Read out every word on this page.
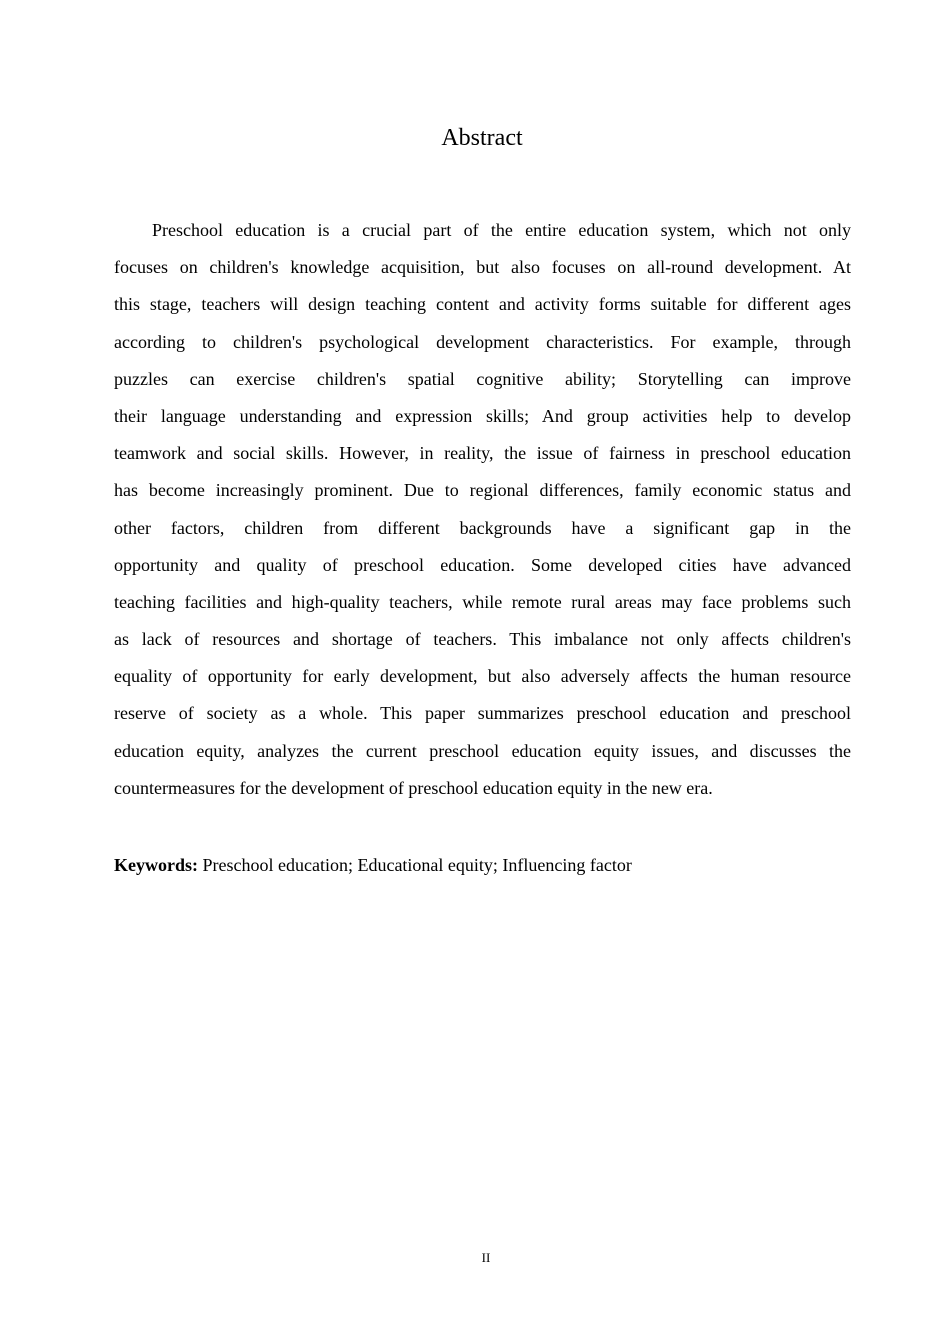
Abstract
Preschool education is a crucial part of the entire education system, which not only
focuses on children's knowledge acquisition, but also focuses on all-round development. At
this stage, teachers will design teaching content and activity forms suitable for different ages
according to children's psychological development characteristics. For example, through
puzzles can exercise children's spatial cognitive ability; Storytelling can improve
their language understanding and expression skills; And group activities help to develop
teamwork and social skills. However, in reality, the issue of fairness in preschool education
has become increasingly prominent. Due to regional differences, family economic status and
other factors, children from different backgrounds have a significant gap in the
opportunity and quality of preschool education. Some developed cities have advanced
teaching facilities and high-quality teachers, while remote rural areas may face problems such
as lack of resources and shortage of teachers. This imbalance not only affects children's
equality of opportunity for early development, but also adversely affects the human resource
reserve of society as a whole. This paper summarizes preschool education and preschool
education equity, analyzes the current preschool education equity issues, and discusses the
countermeasures for the development of preschool education equity in the new era.
Keywords: Preschool education; Educational equity; Influencing factor
II
